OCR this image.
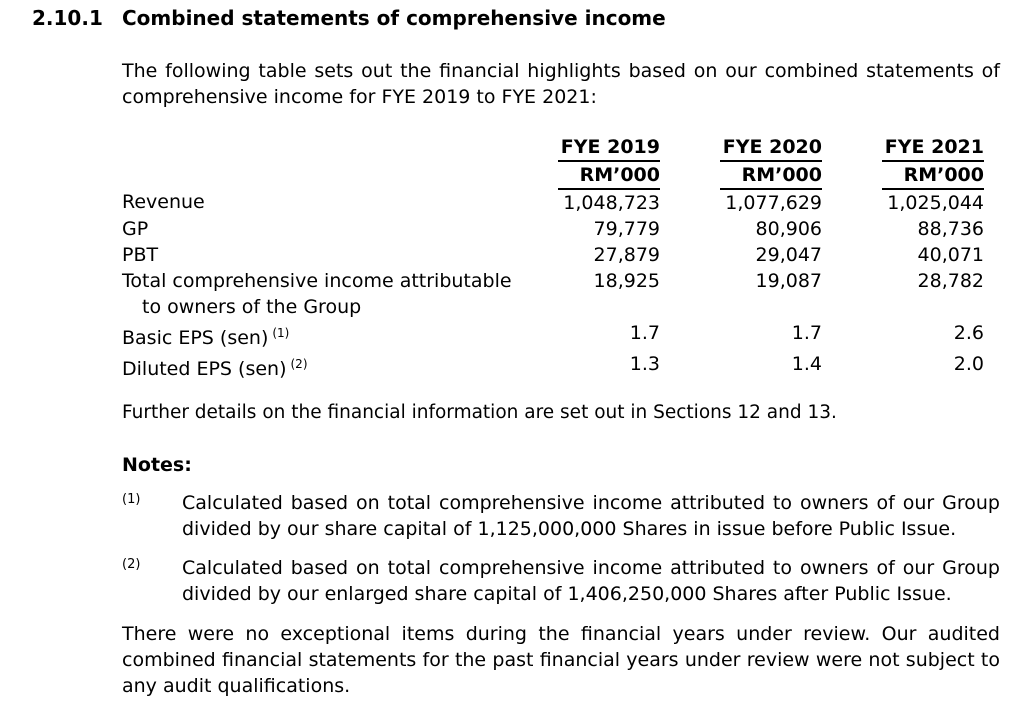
2.10.1 Combined statements of comprehensive income
The following table sets out the financial highlights based on our combined statements of comprehensive income for FYE 2019 to FYE 2021:
	FYE 2019		FYE 2020		FYE 2021
	RM’000		RM’000		RM’000
Revenue	1,048,723		1,077,629		1,025,044
GP	79,779		80,906		88,736
PBT	27,879		29,047		40,071
Total comprehensive income attributable	18,925		19,087		28,782
to owners of the Group					
Basic EPS (sen) $^{(1)}$	1.7		1.7		2.6
Diluted EPS (sen) $^{(2)}$	1.3		1.4		2.0
Further details on the financial information are set out in Sections 12 and 13.
Notes:
(1) Calculated based on total comprehensive income attributed to owners of our Group divided by our share capital of 1,125,000,000 Shares in issue before Public Issue.
(2) Calculated based on total comprehensive income attributed to owners of our Group divided by our enlarged share capital of 1,406,250,000 Shares after Public Issue.
There were no exceptional items during the financial years under review. Our audited combined financial statements for the past financial years under review were not subject to any audit qualifications.
